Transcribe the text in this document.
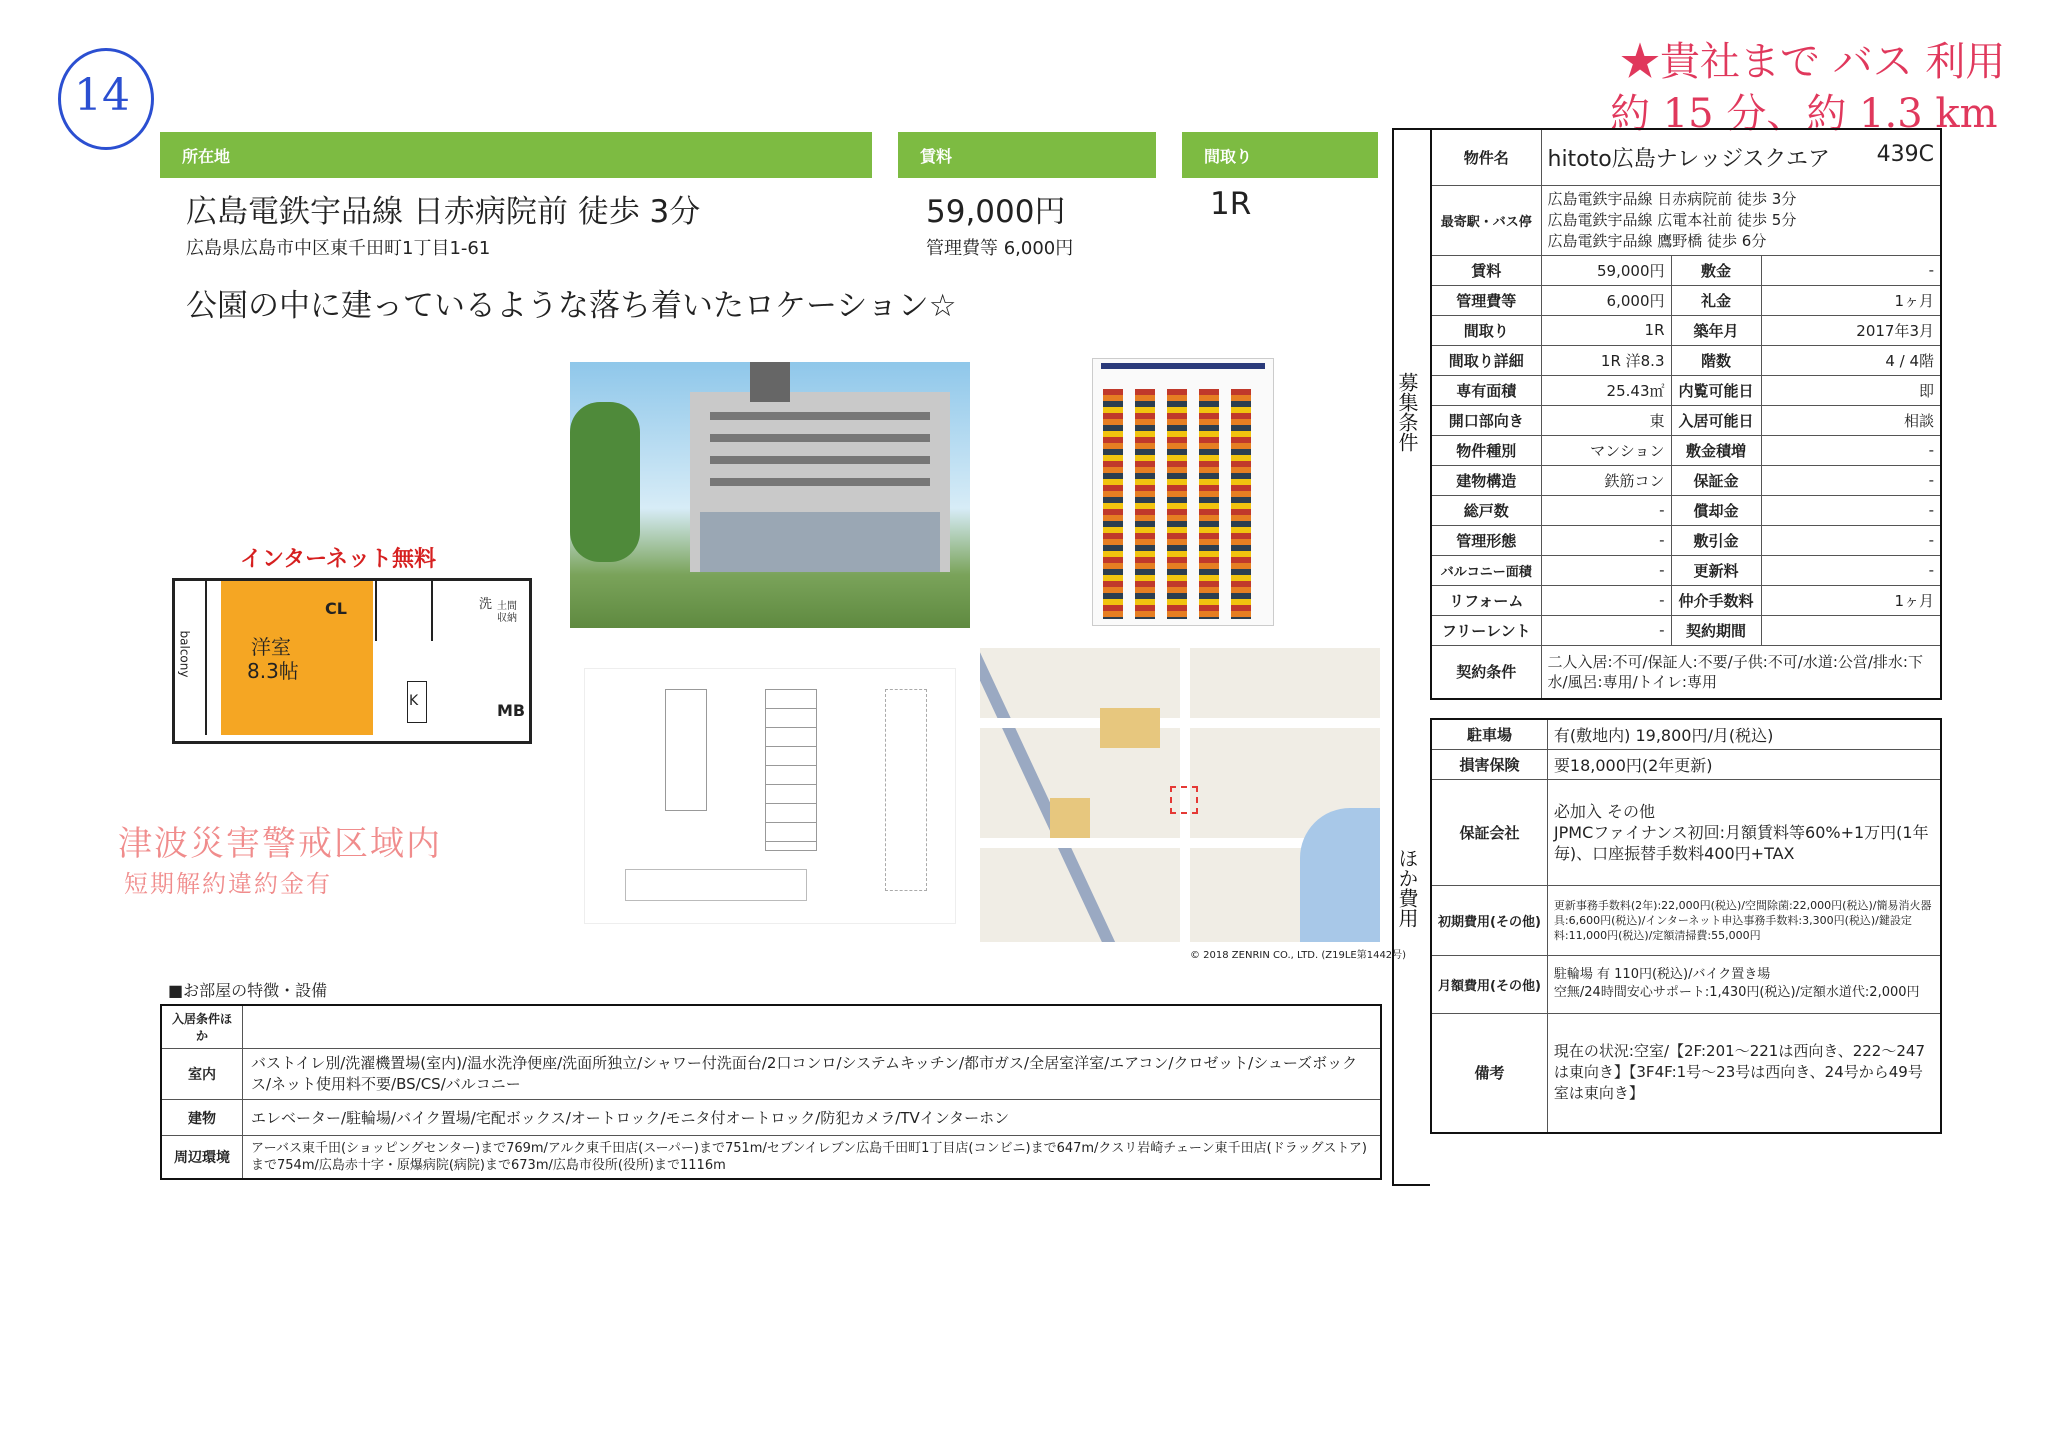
14
★貴社まで バス 利用
約 15 分、約 1.3 km
所在地	賃料	間取り
広島電鉄宇品線 日赤病院前 徒歩 3分
広島県広島市中区東千田町1丁目1-61
59,000円
管理費等 6,000円
1R
公園の中に建っているような落ち着いたロケーション☆
インターネット無料
balcony	洋室
8.3帖
CL
K	MB
洗 土間収納
津波災害警戒区域内
短期解約違約金有
© 2018 ZENRIN CO., LTD. (Z19LE第1442号)
募集条件
ほか費用
物件名	hitoto広島ナレッジスクエア 439C		

最寄駅・バス停	広島電鉄宇品線 日赤病院前 徒歩 3分
広島電鉄宇品線 広電本社前 徒歩 5分
広島電鉄宇品線 鷹野橋 徒歩 6分		

賃料	59,000円	敷金	-
管理費等	6,000円	礼金	1ヶ月
間取り	1R	築年月	2017年3月
間取り詳細	1R 洋8.3	階数	4 / 4階
専有面積	25.43㎡	内覧可能日	即
開口部向き	東	入居可能日	相談
物件種別	マンション	敷金積増	-
建物構造	鉄筋コン	保証金	-
総戸数	-	償却金	-
管理形態	-	敷引金	-
バルコニー面積	-	更新料	-
リフォーム	-	仲介手数料	1ヶ月
フリーレント	-	契約期間	
契約条件	二人入居:不可/保証人:不要/子供:不可/水道:公営/排水:下水/風呂:専用/トイレ:専用		
駐車場	有(敷地内) 19,800円/月(税込)
損害保険	要18,000円(2年更新)
保証会社	必加入 その他
JPMCファイナンス初回:月額賃料等60%+1万円(1年毎)、口座振替手数料400円+TAX
初期費用(その他)	更新事務手数料(2年):22,000円(税込)/空間除菌:22,000円(税込)/簡易消火器具:6,600円(税込)/インターネット申込事務手数料:3,300円(税込)/鍵設定料:11,000円(税込)/定額清掃費:55,000円
月額費用(その他)	駐輪場 有 110円(税込)/バイク置き場
空無/24時間安心サポート:1,430円(税込)/定額水道代:2,000円
備考	現在の状況:空室/【2F:201〜221は西向き、222〜247は東向き】【3F4F:1号〜23号は西向き、24号から49号室は東向き】
■お部屋の特徴・設備
入居条件ほか	
室内	バストイレ別/洗濯機置場(室内)/温水洗浄便座/洗面所独立/シャワー付洗面台/2口コンロ/システムキッチン/都市ガス/全居室洋室/エアコン/クロゼット/シューズボックス/ネット使用料不要/BS/CS/バルコニー
建物	エレベーター/駐輪場/バイク置場/宅配ボックス/オートロック/モニタ付オートロック/防犯カメラ/TVインターホン
周辺環境	アーバス東千田(ショッピングセンター)まで769m/アルク東千田店(スーパー)まで751m/セブンイレブン広島千田町1丁目店(コンビニ)まで647m/クスリ岩崎チェーン東千田店(ドラッグストア)まで754m/広島赤十字・原爆病院(病院)まで673m/広島市役所(役所)まで1116m
